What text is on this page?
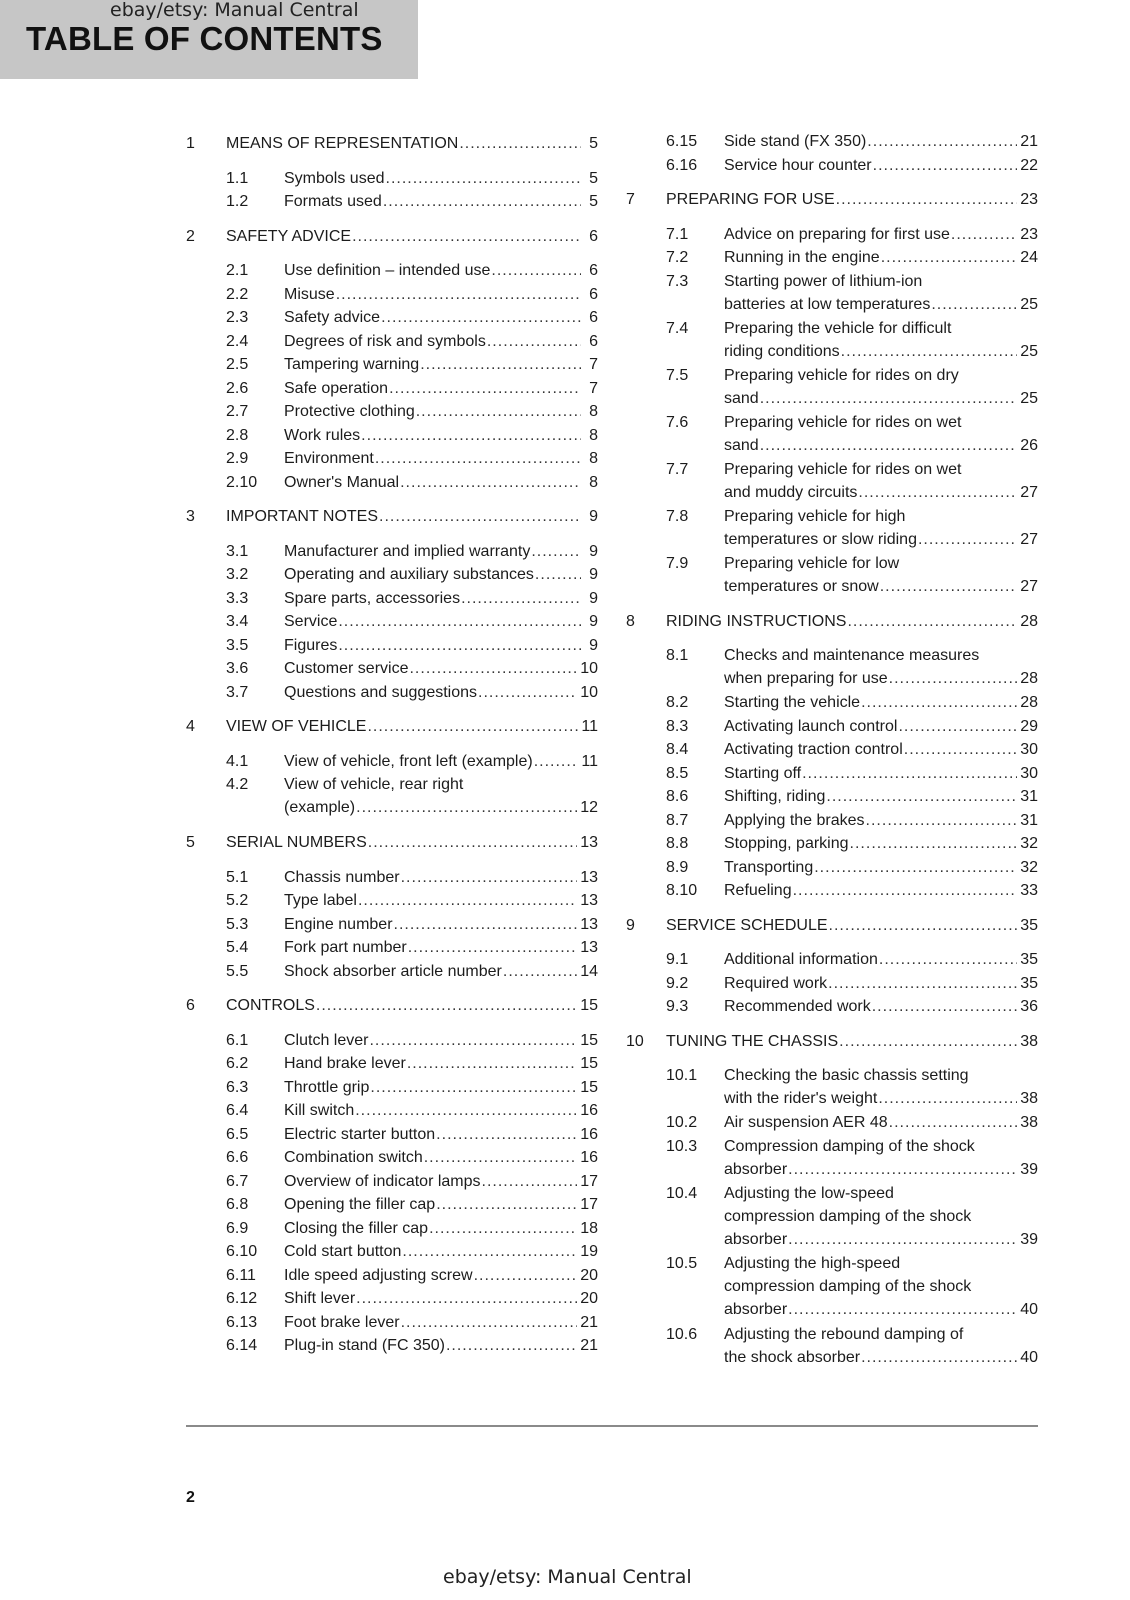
TABLE OF CONTENTS
ebay/etsy: Manual Central
1 MEANS OF REPRESENTATION .....	5
1.1 Symbols used .....	5
1.2 Formats used .....	5
2 SAFETY ADVICE .....	6
2.1 Use definition – intended use .....	6
2.2 Misuse .....	6
2.3 Safety advice .....	6
2.4 Degrees of risk and symbols .....	6
2.5 Tampering warning .....	7
2.6 Safe operation .....	7
2.7 Protective clothing .....	8
2.8 Work rules .....	8
2.9 Environment .....	8
2.10 Owner's Manual .....	8
3 IMPORTANT NOTES .....	9
3.1 Manufacturer and implied warranty .....	9
3.2 Operating and auxiliary substances .....	9
3.3 Spare parts, accessories .....	9
3.4 Service .....	9
3.5 Figures .....	9
3.6 Customer service .....	10
3.7 Questions and suggestions .....	10
4 VIEW OF VEHICLE .....	11
4.1 View of vehicle, front left (example) .....	11
4.2 View of vehicle, rear right
(example) .....	12
5 SERIAL NUMBERS .....	13
5.1 Chassis number .....	13
5.2 Type label .....	13
5.3 Engine number .....	13
5.4 Fork part number .....	13
5.5 Shock absorber article number .....	14
6 CONTROLS .....	15
6.1 Clutch lever .....	15
6.2 Hand brake lever .....	15
6.3 Throttle grip .....	15
6.4 Kill switch .....	16
6.5 Electric starter button .....	16
6.6 Combination switch .....	16
6.7 Overview of indicator lamps .....	17
6.8 Opening the filler cap .....	17
6.9 Closing the filler cap .....	18
6.10 Cold start button .....	19
6.11 Idle speed adjusting screw .....	20
6.12 Shift lever .....	20
6.13 Foot brake lever .....	21
6.14 Plug-in stand (FC 350) .....	21
6.15 Side stand (FX 350) .....	21
6.16 Service hour counter .....	22
7 PREPARING FOR USE .....	23
7.1 Advice on preparing for first use .....	23
7.2 Running in the engine .....	24
7.3 Starting power of lithium-ion
batteries at low temperatures .....	25
7.4 Preparing the vehicle for difficult
riding conditions .....	25
7.5 Preparing vehicle for rides on dry
sand .....	25
7.6 Preparing vehicle for rides on wet
sand .....	26
7.7 Preparing vehicle for rides on wet
and muddy circuits .....	27
7.8 Preparing vehicle for high
temperatures or slow riding .....	27
7.9 Preparing vehicle for low
temperatures or snow .....	27
8 RIDING INSTRUCTIONS .....	28
8.1 Checks and maintenance measures
when preparing for use .....	28
8.2 Starting the vehicle .....	28
8.3 Activating launch control .....	29
8.4 Activating traction control .....	30
8.5 Starting off .....	30
8.6 Shifting, riding .....	31
8.7 Applying the brakes .....	31
8.8 Stopping, parking .....	32
8.9 Transporting .....	32
8.10 Refueling .....	33
9 SERVICE SCHEDULE .....	35
9.1 Additional information .....	35
9.2 Required work .....	35
9.3 Recommended work .....	36
10 TUNING THE CHASSIS .....	38
10.1 Checking the basic chassis setting
with the rider's weight .....	38
10.2 Air suspension AER 48 .....	38
10.3 Compression damping of the shock
absorber .....	39
10.4 Adjusting the low-speed
compression damping of the shock
absorber .....	39
10.5 Adjusting the high-speed
compression damping of the shock
absorber .....	40
10.6 Adjusting the rebound damping of
the shock absorber .....	40
2
ebay/etsy: Manual Central
